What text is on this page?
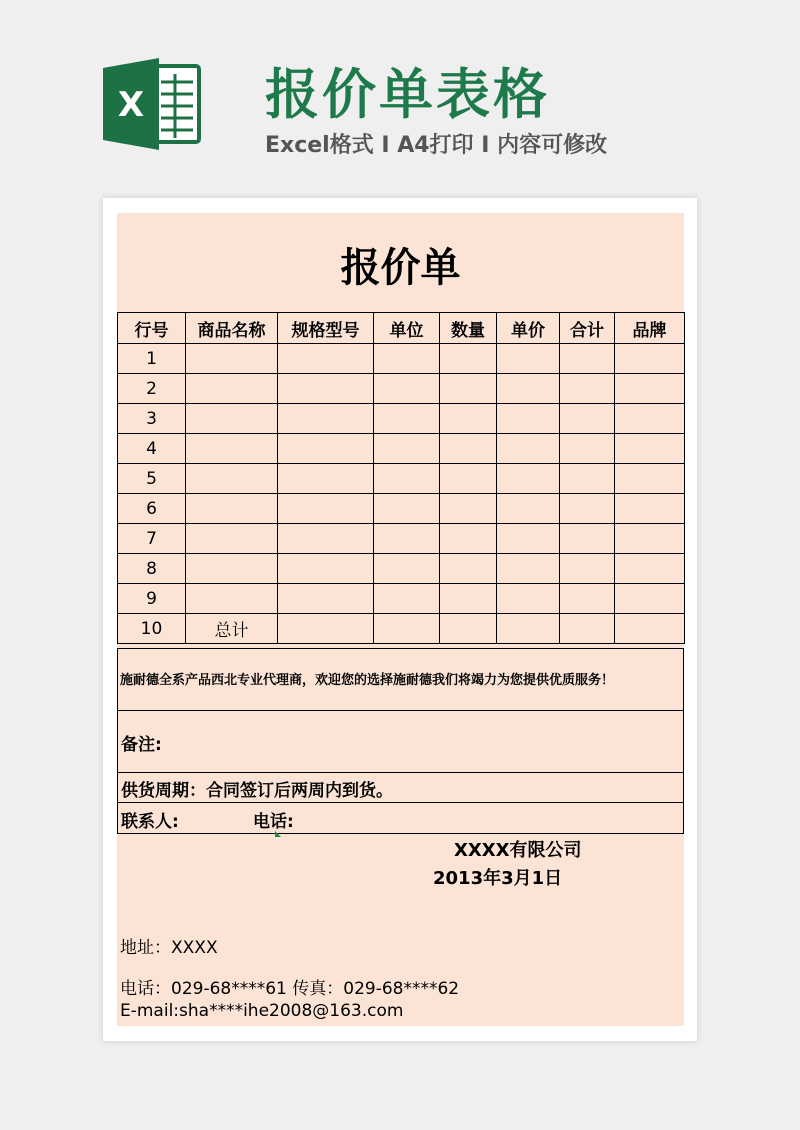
X 报价单表格
Excel格式 I A4打印 I 内容可修改
报价单
行号	商品名称	规格型号	单位	数量	单价	合计	品牌
1							
2							
3							
4							
5							
6							
7							
8							
9							
10	总计						
施耐德全系产品西北专业代理商，欢迎您的选择施耐德我们将竭力为您提供优质服务！
备注:
供货周期：合同签订后两周内到货。
联系人:	电话:
XXXX有限公司
2013年3月1日
地址：XXXX
电话：029-68****61 传真：029-68****62
E-mail:sha****ihe2008@163.com
